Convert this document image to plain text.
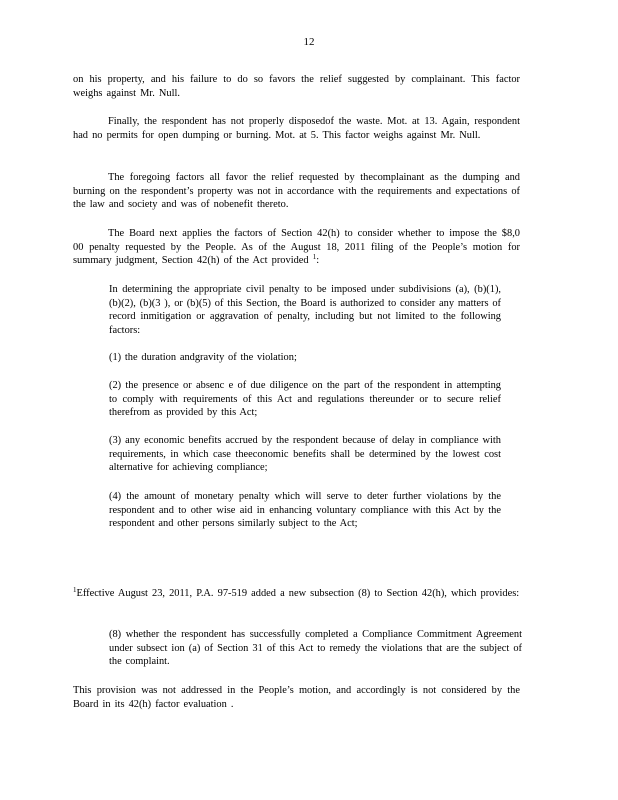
12

on his property, and his failure to do so favors the relief suggested by complainant. This factor weighs against Mr. Null.

Finally, the respondent has not properly disposedof the waste. Mot. at 13. Again, respondent had no permits for open dumping or burning. Mot. at 5. This factor weighs against Mr. Null.

The foregoing factors all favor the relief requested by thecomplainant as the dumping and burning on the respondent’s property was not in accordance with the requirements and expectations of the law and society and was of nobenefit thereto.

The Board next applies the factors of Section 42(h) to consider whether to impose the $8,0 00 penalty requested by the People. As of the August 18, 2011 filing of the People’s motion for summary judgment, Section 42(h) of the Act provided $^1$:

In determining the appropriate civil penalty to be imposed under subdivisions (a), (b)(1), (b)(2), (b)(3 ), or (b)(5) of this Section, the Board is authorized to consider any matters of record inmitigation or aggravation of penalty, including but not limited to the following factors:

(1) the duration andgravity of the violation;

(2) the presence or absenc e of due diligence on the part of the respondent in attempting to comply with requirements of this Act and regulations thereunder or to secure relief therefrom as provided by this Act;

(3) any economic benefits accrued by the respondent because of delay in compliance with requirements, in which case theeconomic benefits shall be determined by the lowest cost alternative for achieving compliance;

(4) the amount of monetary penalty which will serve to deter further violations by the respondent and to other wise aid in enhancing voluntary compliance with this Act by the respondent and other persons similarly subject to the Act;

$^1$Effective August 23, 2011, P.A. 97-519 added a new subsection (8) to Section 42(h), which provides:

(8) whether the respondent has successfully completed a Compliance Commitment Agreement under subsect ion (a) of Section 31 of this Act to remedy the violations that are the subject of the complaint.

This provision was not addressed in the People’s motion, and accordingly is not considered by the Board in its 42(h) factor evaluation .
